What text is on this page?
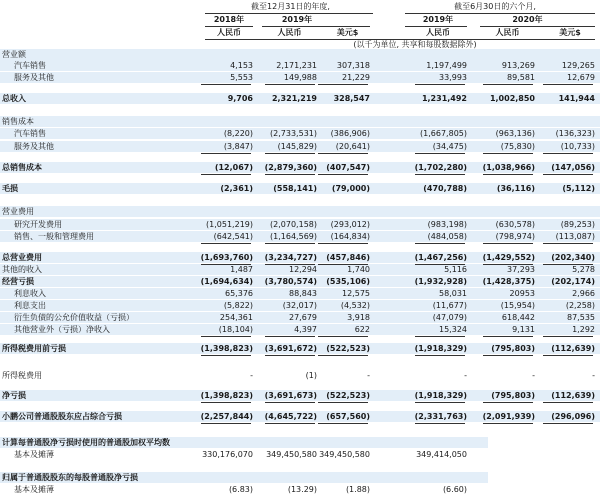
截至12月31日的年度,	截至6月30日的六个月,
2018年	2019年	2019年	2020年
人民币	人民币	美元$	人民币	人民币	美元$
(以千为单位, 共享和每股数据除外)
营业额
汽车销售	4,153	2,171,231	307,318	1,197,499	913,269	129,265
服务及其他	5,553	149,988	21,229	33,993	89,581	12,679
总收入	9,706	2,321,219	328,547	1,231,492	1,002,850	141,944
销售成本
汽车销售	(8,220)	(2,733,531)	(386,906)	(1,667,805)	(963,136)	(136,323)
服务及其他	(3,847)	(145,829)	(20,641)	(34,475)	(75,830)	(10,733)
总销售成本	(12,067)	(2,879,360)	(407,547)	(1,702,280)	(1,038,966)	(147,056)
毛损	(2,361)	(558,141)	(79,000)	(470,788)	(36,116)	(5,112)
营业费用
研究开发费用	(1,051,219)	(2,070,158)	(293,012)	(983,198)	(630,578)	(89,253)
销售、一般和管理费用	(642,541)	(1,164,569)	(164,834)	(484,058)	(798,974)	(113,087)
总营业费用	(1,693,760)	(3,234,727)	(457,846)	(1,467,256)	(1,429,552)	(202,340)
其他的收入	1,487	12,294	1,740	5,116	37,293	5,278
经营亏损	(1,694,634)	(3,780,574)	(535,106)	(1,932,928)	(1,428,375)	(202,174)
利息收入	65,376	88,843	12,575	58,031	20953	2,966
利息支出	(5,822)	(32,017)	(4,532)	(11,677)	(15,954)	(2,258)
衍生负债的公允价值收益（亏损）	254,361	27,679	3,918	(47,079)	618,442	87,535
其他营业外（亏损）净收入	(18,104)	4,397	622	15,324	9,131	1,292
所得税费用前亏损	(1,398,823)	(3,691,672)	(522,523)	(1,918,329)	(795,803)	(112,639)
所得税费用	-	(1)	-	-	-	-
净亏损	(1,398,823)	(3,691,673)	(522,523)	(1,918,329)	(795,803)	(112,639)
小鹏公司普通股股东应占综合亏损	(2,257,844)	(4,645,722)	(657,560)	(2,331,763)	(2,091,939)	(296,096)
计算每普通股净亏损时使用的普通股加权平均数
基本及摊薄	330,176,070	349,450,580 349,450,580	349,414,050
归属于普通股股东的每股普通股净亏损
基本及摊薄	(6.83)	(13.29)	(1.88)	(6.60)
